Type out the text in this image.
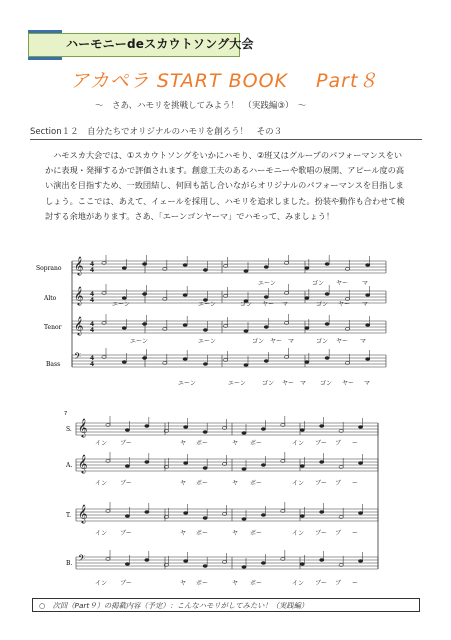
ハーモニーdeスカウトソング大会
アカペラ START BOOK Part８
～　さあ、ハモリを挑戦してみよう！　（実践編③）　～
Section１２　自分たちでオリジナルのハモリを創ろう！　その３
ハモスカ大会では、①スカウトソングをいかにハモり、②班又はグループのパフォーマンスをいかに表現・発揮するかで評価されます。創意工夫のあるハーモニーや歌唱の展開、アピール度の高い演出を目指すため、一致団結し、何回も話し合いながらオリジナルのパフォーマンスを目指しましょう。ここでは、あえて、イェールを採用し、ハモリを追求しました。扮装や動作も合わせて検討する余地があります。さあ、「エーンゴンヤーマ」でハモって、みましょう！
𝄞 4
4
𝄞 4
4
𝄞 4
4
𝄢 4
4
Soprano
Alto
Tenor
Bass
エーン	ゴン ヤー マ
エーン	エーン	ゴン ヤー マ	ゴン ヤー マ
エーン	エーン	ゴン ヤー マ	ゴン ヤー マ
エーン	エーン	ゴン ヤー マ ゴン ヤー マ
7
𝄞
𝄞
𝄞
𝄢
S.
A.
T.
B.
イン ブー	ヤ ボー	ヤ ボー	イン ブー ブ ー
イン ブー	ヤ ボー	ヤ ボー	イン ブー ブ ー
イン ブー	ヤ ボー	ヤ ボー	イン ブー ブ ー
イン ブー	ヤ ボー	ヤ ボー	イン ブー ブ ー
○　次回（Part９）の掲載内容（予定）：こんなハモリがしてみたい！（実践編）
